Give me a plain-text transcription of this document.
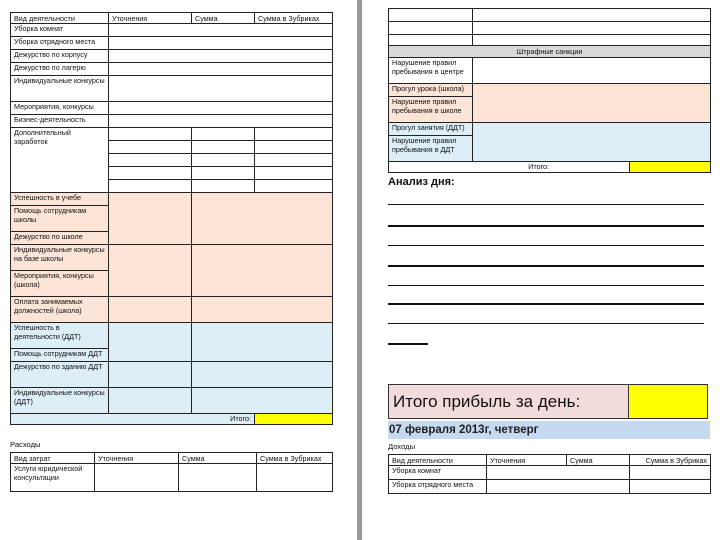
Вид деятельности	Уточнения	Сумма	Сумма в Зубриках
Уборка комнат			
Уборка отрядного места			
Дежурство по корпусу			
Дежурство по лагерю			
Индивидуальные конкурсы			
Мероприятия, конкурсы			
Бизнес-деятельность			
Дополнительный заработок			

Успешность в учебе			
Помощь сотрудникам школы			
Дежурство по школе			
Индивидуальные конкурсы на базе школы			
Мероприятия, конкурсы (школа)			
Оплата занимаемых должностей (школа)			
Успешность в деятельности (ДДТ)			
Помощь сотрудникам ДДТ			
Дежурство по зданию ДДТ			
Индивидуальные конкурсы (ДДТ)			
Итого:			
Расходы
Вид затрат	Уточнения	Сумма	Сумма в Зубриках
Услуги юридической консультации			

Штрафные санкции		
Нарушение правил пребывания в центре		
Прогул урока (школа)		
Нарушение правил пребывания в школе		
Прогул занятия (ДДТ)		
Нарушение правил пребывания в ДДТ		
Итого:		
Анализ дня:
Итого прибыль за день:
07 февраля 2013г, четверг
Доходы
Вид деятельности	Уточнения	Сумма	Сумма в Зубриках
Уборка комнат			
Уборка отрядного места			
